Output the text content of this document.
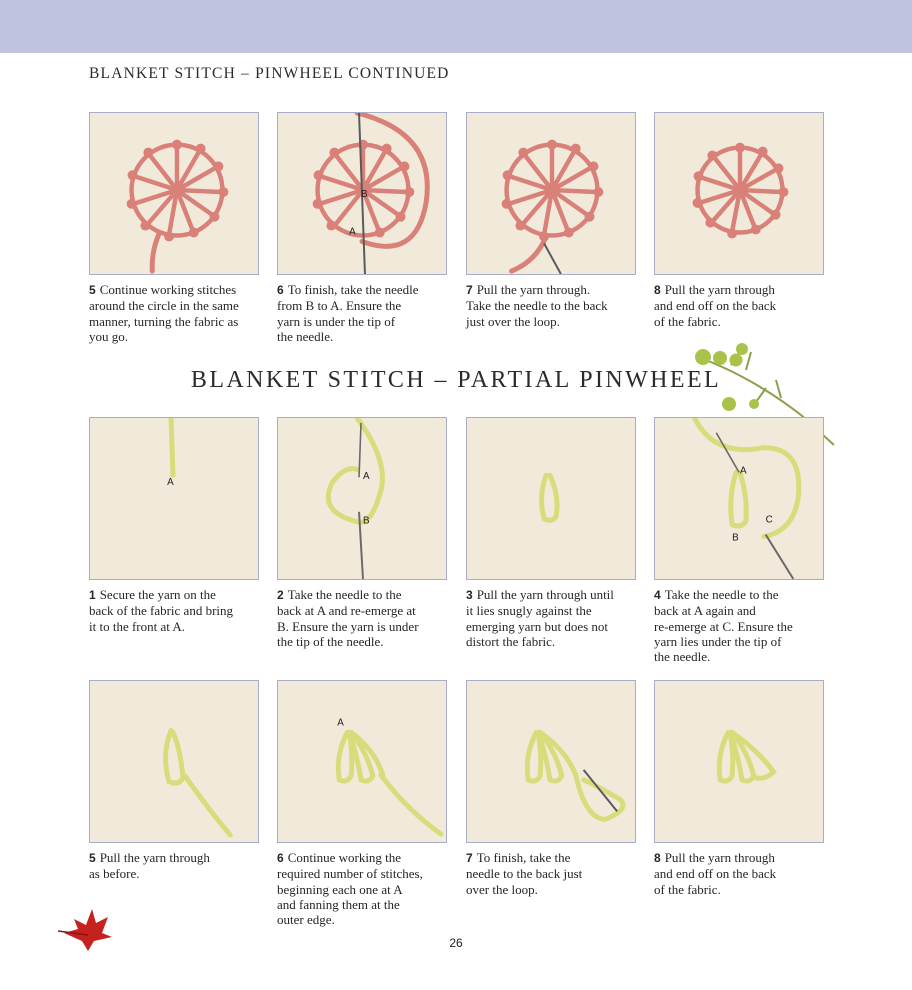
BLANKET STITCH – PINWHEEL CONTINUED
BLANKET STITCH – PARTIAL PINWHEEL
B
A
5 Continue working stitches
around the circle in the same
manner, turning the fabric as
you go.
6 To finish, take the needle
from B to A. Ensure the
yarn is under the tip of
the needle.
7 Pull the yarn through.
Take the needle to the back
just over the loop.
8 Pull the yarn through
and end off on the back
of the fabric.
A
A
B
A
B
C
1 Secure the yarn on the
back of the fabric and bring
it to the front at A.
2 Take the needle to the
back at A and re-emerge at
B. Ensure the yarn is under
the tip of the needle.
3 Pull the yarn through until
it lies snugly against the
emerging yarn but does not
distort the fabric.
4 Take the needle to the
back at A again and
re-emerge at C. Ensure the
yarn lies under the tip of
the needle.
A
5 Pull the yarn through
as before.
6 Continue working the
required number of stitches,
beginning each one at A
and fanning them at the
outer edge.
7 To finish, take the
needle to the back just
over the loop.
8 Pull the yarn through
and end off on the back
of the fabric.
26
